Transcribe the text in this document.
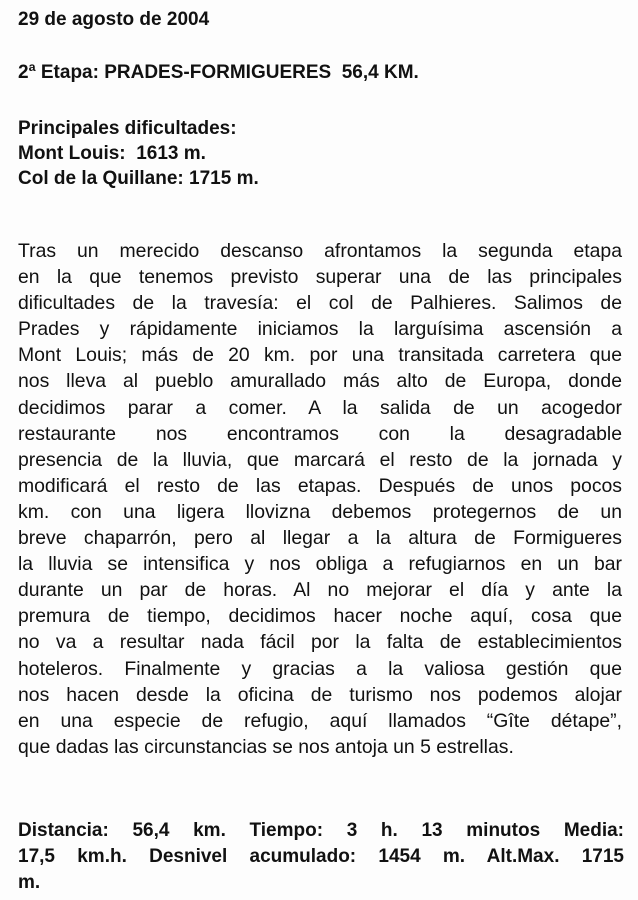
29 de agosto de 2004
2ª Etapa: PRADES-FORMIGUERES  56,4 KM.
Principales dificultades:
Mont Louis:  1613 m.
Col de la Quillane: 1715 m.
Tras un merecido descanso afrontamos la segunda etapa
en la que tenemos previsto superar una de las principales
dificultades de la travesía: el col de Palhieres. Salimos de
Prades y rápidamente iniciamos la larguísima ascensión a
Mont Louis; más de 20 km. por una transitada carretera que
nos lleva al pueblo amurallado más alto de Europa, donde
decidimos parar a comer. A la salida de un acogedor
restaurante nos encontramos con la desagradable
presencia de la lluvia, que marcará el resto de la jornada y
modificará el resto de las etapas. Después de unos pocos
km. con una ligera llovizna debemos protegernos de un
breve chaparrón, pero al llegar a la altura de Formigueres
la lluvia se intensifica y nos obliga a refugiarnos en un bar
durante un par de horas. Al no mejorar el día y ante la
premura de tiempo, decidimos hacer noche aquí, cosa que
no va a resultar nada fácil por la falta de establecimientos
hoteleros. Finalmente y gracias a la valiosa gestión que
nos hacen desde la oficina de turismo nos podemos alojar
en una especie de refugio, aquí llamados “Gîte détape”,
que dadas las circunstancias se nos antoja un 5 estrellas.
Distancia: 56,4 km. Tiempo: 3 h. 13 minutos Media:
17,5 km.h. Desnivel acumulado: 1454 m. Alt.Max. 1715
m.
